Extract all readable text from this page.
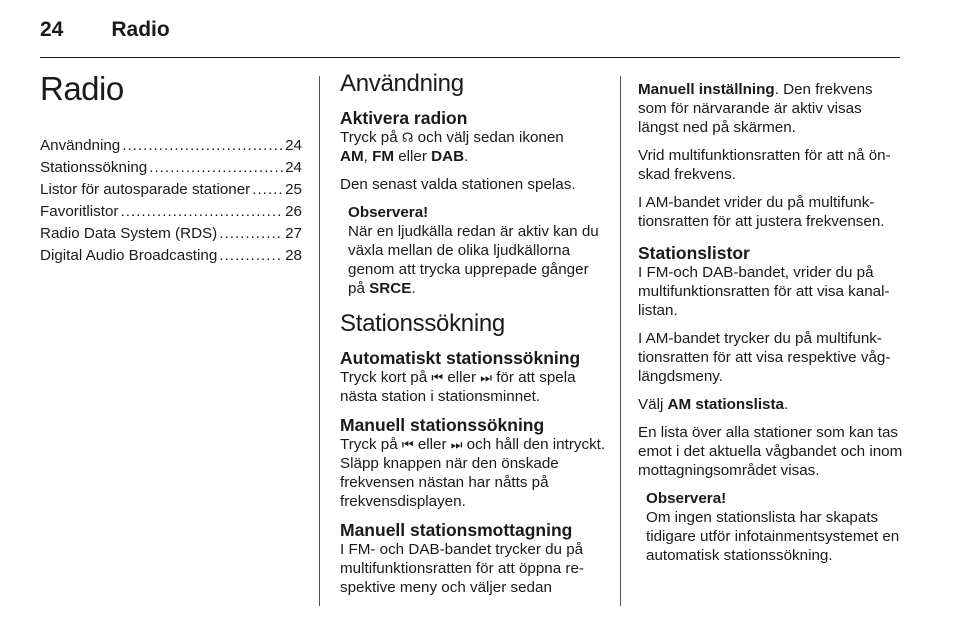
24 Radio
Radio
Användning .....	24
Stationssökning .....	24
Listor för autosparade stationer ..... 25
Favoritlistor .....	26
Radio Data System (RDS) .....	27
Digital Audio Broadcasting .....	28
Användning
Aktivera radion

Tryck på ☊ och välj sedan ikonen
AM, FM eller DAB.

Den senast valda stationen spelas.

Observera!
När en ljudkälla redan är aktiv kan du växla mellan de olika ljudkällorna genom att trycka upprepade gånger på SRCE.
Stationssökning
Automatiskt stationssökning

Tryck kort på ⏮ eller ⏭ för att spela nästa station i stationsminnet.

Manuell stationssökning

Tryck på ⏮ eller ⏭ och håll den intryckt. Släpp knappen när den önskade frekvensen nästan har nåtts på frekvensdisplayen.

Manuell stationsmottagning

I FM- och DAB-bandet trycker du på multifunktionsratten för att öppna respektive meny och väljer sedan

Manuell inställning. Den frekvens som för närvarande är aktiv visas längst ned på skärmen.

Vrid multifunktionsratten för att nå önskad frekvens.

I AM-bandet vrider du på multifunktionsratten för att justera frekvensen.

Stationslistor

I FM-och DAB-bandet, vrider du på multifunktionsratten för att visa kanallistan.

I AM-bandet trycker du på multifunktionsratten för att visa respektive våglängdsmeny.

Välj AM stationslista.

En lista över alla stationer som kan tas emot i det aktuella vågbandet och inom mottagningsområdet visas.

Observera!
Om ingen stationslista har skapats tidigare utför infotainmentsystemet en automatisk stationssökning.
